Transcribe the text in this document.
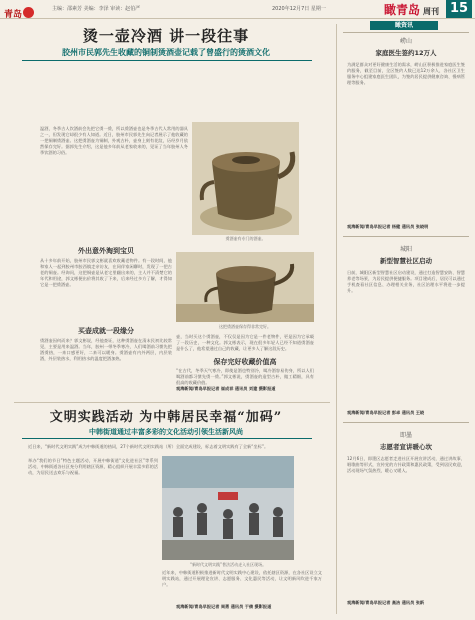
青岛
主编：邵素芳 美编：李泽 审读：赵伯严	2020年12月7日 星期一	瞰青岛 周刊 15
烫一壶冷酒 讲一段往事
胶州市民郭先生收藏的铜制烫酒壶记载了曾盛行的烫酒文化
温酒，冬季古人饮酒前会先把它烫一烫，所以烫酒壶也是冬季古代人常用的器具之一，但发现它却很少有人知道。近日，胶州市民郭先生向记者展示了他收藏的一把铜制烫酒壶。这把烫酒壶为铜制，外观古朴，壶身上刻有花纹，历经岁月依然保存完好。据郭先生介绍，这是他多年前从老家收来的，见证了当年胶州人冬季饮酒的习俗。
烫酒壶有专门的酒壶。
外出意外淘到宝贝
从十多年前开始，胶州市民郭文彬就喜欢收藏老物件。有一段时间，他和家人一起到胶州市胶西镇走亲访友，在同伴家闲聊时，发现了一把古老的铜壶。经询问，这把铜壶是从老宅里翻出来的，主人并不清楚它的年代和用途，郭文彬便出价将其收了下来，后来经过多方了解，才得知它是一把烫酒壶。
买壶成就一段缘分
烫酒壶因何而来？郭文彬说，经他查证，这种烫酒壶在清末民初比较常见，主要是用来温酒。当年，胶州一带冬季寒冷，人们喝酒前习惯先把酒烫热，一来口感更好，二来可以暖身。烫酒壶有内外两层，内层装酒，外层装热水，利用热水的温度把酒加热。
这把烫酒壶保存得非常完好。
壶，当时买这个烫酒壶，不仅仅是因为它是一件老物件，更是因为它承载了一段历史，一种文化。郭文彬表示，现在很多年轻人已经不知道烫酒壶是什么了，他希望通过自己的收藏，让更多人了解这段历史。
保存完好收藏价值高
“在古代，冬季天气寒冷，即使是酒也特别冷，喝冷酒容易伤身，所以人们喝酒前都习惯先烫一烫。”郭文彬说，烫酒壶的造型古朴，做工精细，具有很高的收藏价值。
观海新闻/青岛早报记者 崔成祥 通讯员 刘建 摄影报道
文明实践活动 为中韩居民幸福“加码”
中韩街道通过丰富多彩的文化活动引领生活新风尚
近日来，“新时代文明实践”成为中韩街道的热词，27个新时代文明实践站（所）全面完成建设，标志着文明实践有了全新“坐标”。
举办“我们的节日”特色主题活动，开展中韩街道“文化进社区”等系列活动，中韩街道各社区充分利用辖区资源，精心组织开展丰富多彩的活动，为居民送去欢乐与祝福。
“新时代文明实践”普法活动走入社区现场。
近年来，中韩街道积极推进新时代文明实践中心建设，依托辖区资源，在各社区设立文明实践站，通过开展理论宣讲、志愿服务、文化惠民等活动，让文明新风吹进千家万户。
观海新闻/青岛早报记者 周勇 通讯员 于倩 摄影报道
瞰资讯
崂山
家庭医生签约12万人
为满足群众对更好健康生活的需求，崂山区积极推进家庭医生签约服务，截至目前，全区签约人数已达12万余人，各社区卫生服务中心组建家庭医生团队，为签约居民提供健康咨询、慢病管理等服务。
观海新闻/青岛早报记者 杨健 通讯员 张晓明
城阳
新型智慧社区启动
日前，城阳区新型智慧社区启动建设，通过打造智慧安防、智慧养老等场景，为居民提供便捷服务。项目建成后，居民可以通过手机查看社区信息、办理相关业务，社区治理水平将进一步提升。
观海新闻/青岛早报记者 彭卓 通讯员 王晓
即墨
志愿者宣讲暖心坎
12月6日，即墨区志愿者走进社区开展宣讲活动，通过讲故事、唱歌曲等形式，宣传党的方针政策和惠民政策，受到居民欢迎，活动现场气氛热烈，暖心又暖人。
观海新闻/青岛早报记者 高洁 通讯员 张新
